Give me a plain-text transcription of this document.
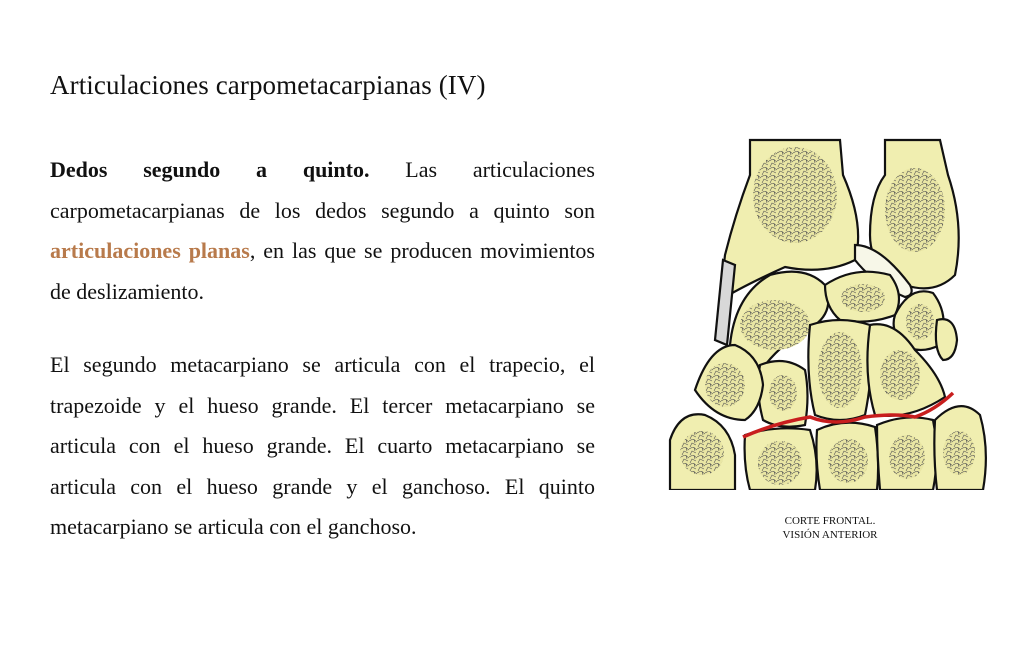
Articulaciones carpometacarpianas (IV)

Dedos segundo a quinto. Las articulaciones carpometacarpianas de los dedos segundo a quinto son articulaciones planas, en las que se producen movimientos de deslizamiento.

El segundo metacarpiano se articula con el trapecio, el trapezoide y el hueso grande. El tercer metacarpiano se articula con el hueso grande. El cuarto metacarpiano se articula con el hueso grande y el ganchoso. El quinto metacarpiano se articula con el ganchoso.	CORTE FRONTAL.
VISIÓN ANTERIOR
